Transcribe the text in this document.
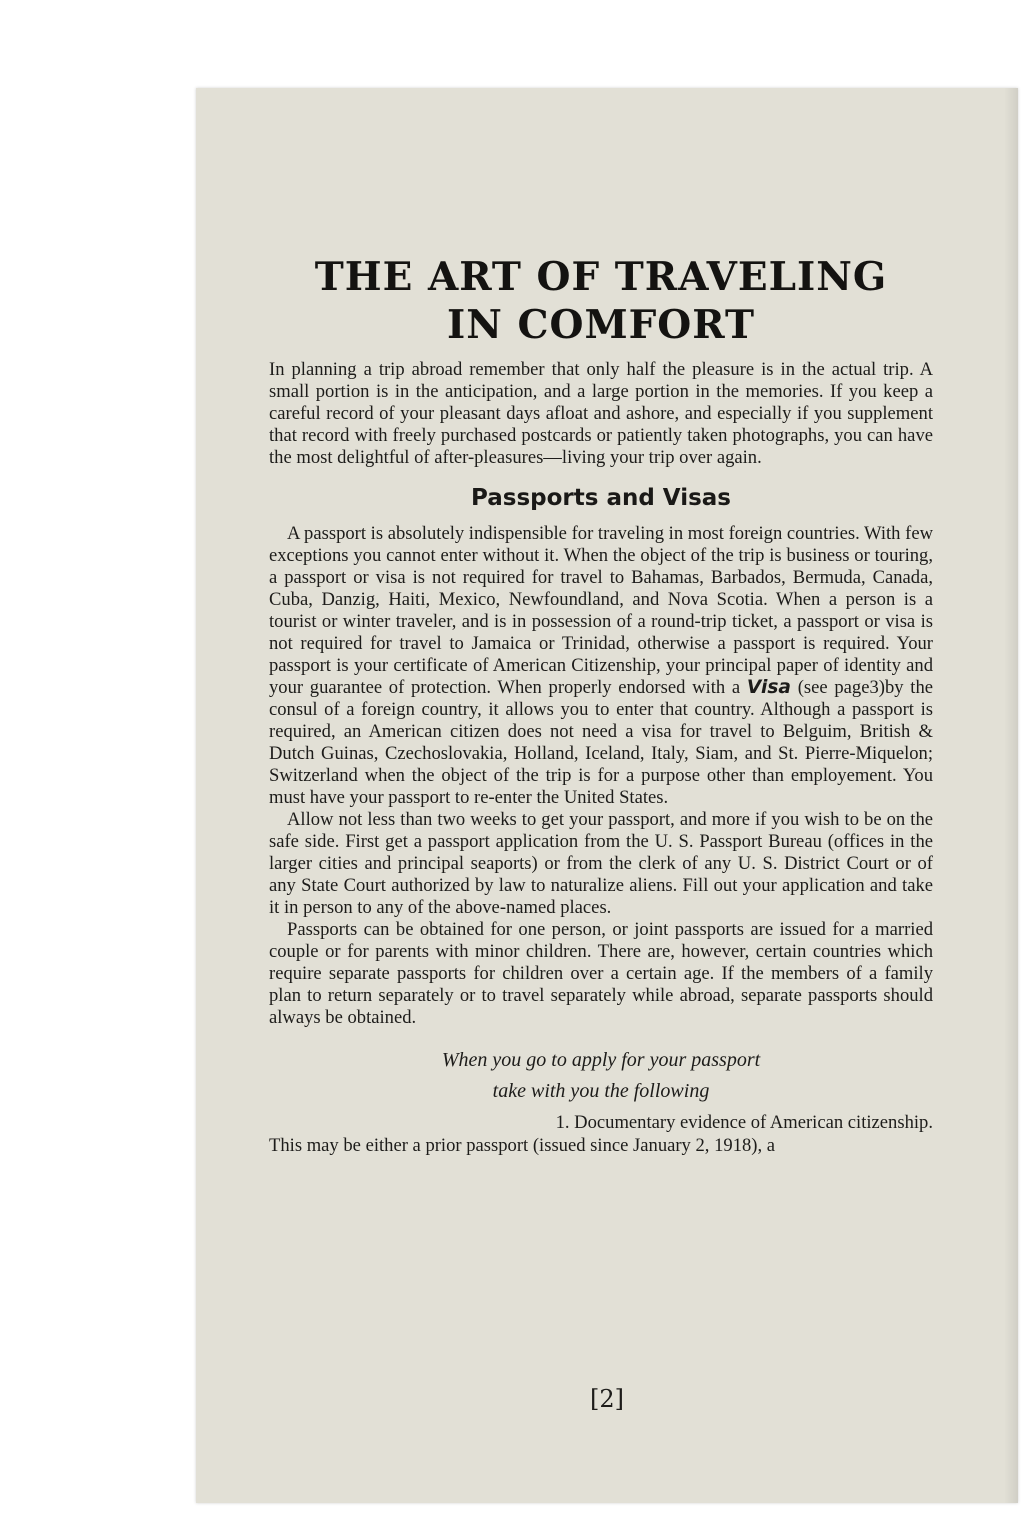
THE ART OF TRAVELING
IN COMFORT

In planning a trip abroad remember that only half the pleasure is in the actual trip. A small portion is in the anticipation, and a large portion in the memories. If you keep a careful record of your pleasant days afloat and ashore, and especially if you supplement that record with freely purchased postcards or patiently taken photographs, you can have the most delightful of after-pleasures—living your trip over again.

Passports and Visas

A passport is absolutely indispensible for traveling in most foreign countries. With few exceptions you cannot enter without it. When the object of the trip is business or touring, a passport or visa is not required for travel to Bahamas, Barbados, Bermuda, Canada, Cuba, Danzig, Haiti, Mexico, Newfoundland, and Nova Scotia. When a person is a tourist or winter traveler, and is in possession of a round-trip ticket, a passport or visa is not required for travel to Jamaica or Trinidad, otherwise a passport is required. Your passport is your certificate of American Citizenship, your principal paper of identity and your guarantee of protection. When properly endorsed with a Visa (see page3)by the consul of a foreign country, it allows you to enter that country. Although a passport is required, an American citizen does not need a visa for travel to Belguim, British & Dutch Guinas, Czechoslovakia, Holland, Iceland, Italy, Siam, and St. Pierre-Miquelon; Switzerland when the object of the trip is for a purpose other than employement. You must have your passport to re-enter the United States.

Allow not less than two weeks to get your passport, and more if you wish to be on the safe side. First get a passport application from the U. S. Passport Bureau (offices in the larger cities and principal seaports) or from the clerk of any U. S. District Court or of any State Court authorized by law to naturalize aliens. Fill out your application and take it in person to any of the above-named places.

Passports can be obtained for one person, or joint passports are issued for a married couple or for parents with minor children. There are, however, certain countries which require separate passports for children over a certain age. If the members of a family plan to return separately or to travel separately while abroad, separate passports should always be obtained.

When you go to apply for your passport
take with you the following

1. Documentary evidence of American citizenship.

This may be either a prior passport (issued since January 2, 1918), a

[2]
